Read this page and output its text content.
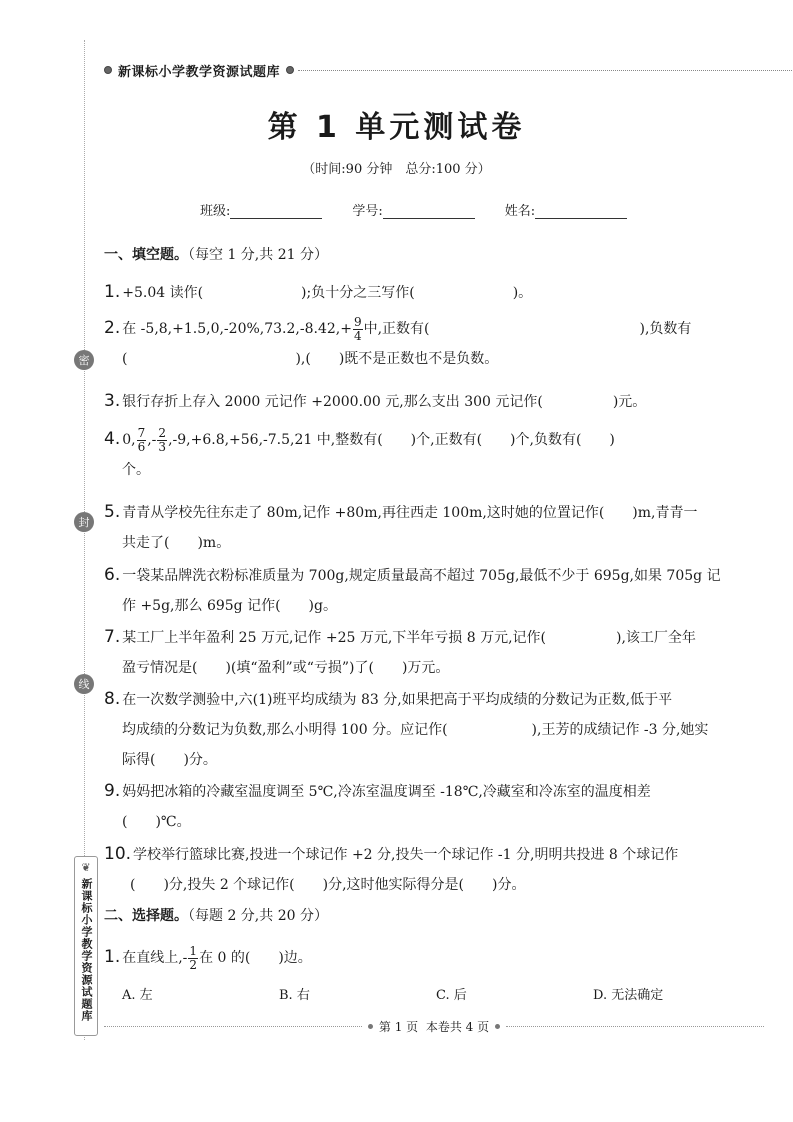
新课标小学教学资源试题库
密
封
线
❦
新课标小学教学资源试题库
第 1 单元测试卷
（时间:90 分钟　总分:100 分）
班级:	学号:	姓名:
一、填空题。（每空 1 分,共 21 分）
1. +5.04 读作(　　　　　　　);负十分之三写作(　　　　　　　)。
2. 在 $-5,8,+1.5,0,-20\%,73.2,-8.42,+ \frac{9}{4}$ 中,正数有(　　　　　　　　　　　　　　　),负数有
(　　　　　　　　　　　　),(　　)既不是正数也不是负数。
3. 银行存折上存入 2000 元记作 +2000.00 元,那么支出 300 元记作(　　　　　)元。
4. 0, $\frac{7}{6}$ ,- $\frac{2}{3} ,-9,+6.8,+56,-7.5,21$ 中,整数有(　　)个,正数有(　　)个,负数有(　　)
个。
5. 青青从学校先往东走了 80m,记作 +80m,再往西走 100m,这时她的位置记作(　　)m,青青一
共走了(　　)m。
6. 一袋某品牌洗衣粉标准质量为 700g,规定质量最高不超过 705g,最低不少于 695g,如果 705g 记
作 +5g,那么 695g 记作(　　)g。
7. 某工厂上半年盈利 25 万元,记作 +25 万元,下半年亏损 8 万元,记作(　　　　　),该工厂全年
盈亏情况是(　　)(填“盈利”或“亏损”)了(　　)万元。
8. 在一次数学测验中,六(1)班平均成绩为 83 分,如果把高于平均成绩的分数记为正数,低于平
均成绩的分数记为负数,那么小明得 100 分。应记作(　　　　　　),王芳的成绩记作 -3 分,她实
际得(　　)分。
9. 妈妈把冰箱的冷藏室温度调至 5℃,冷冻室温度调至 -18℃,冷藏室和冷冻室的温度相差
(　　)℃。
10. 学校举行篮球比赛,投进一个球记作 +2 分,投失一个球记作 -1 分,明明共投进 8 个球记作
(　　)分,投失 2 个球记作(　　)分,这时他实际得分是(　　)分。
二、选择题。（每题 2 分,共 20 分）
1. 在直线上,- $\frac{1}{2}$ 在 0 的(　　)边。
A. 左	B. 右	C. 后	D. 无法确定
第 1 页
本卷共 4 页
